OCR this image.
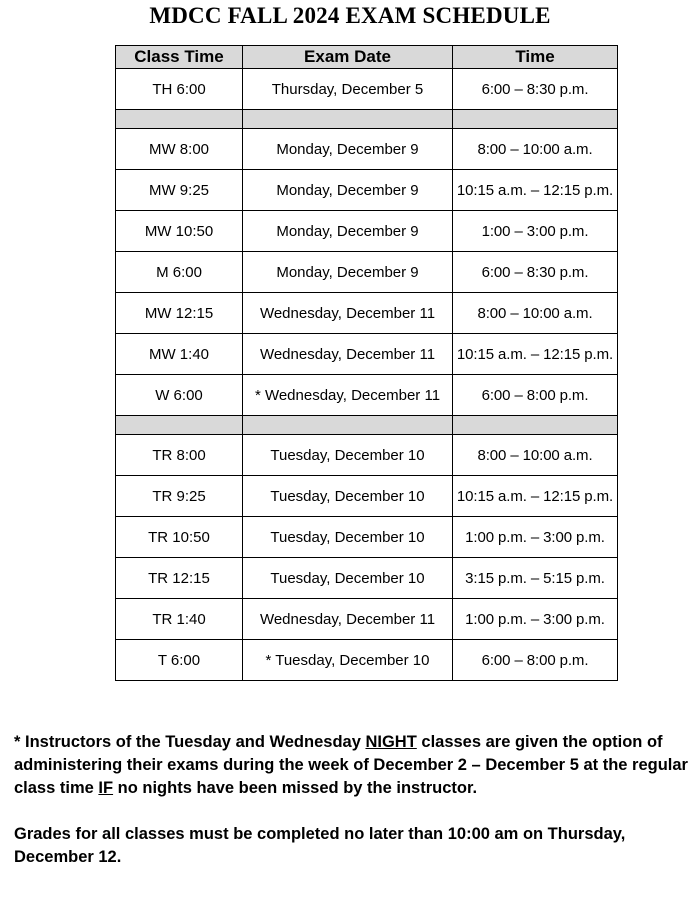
MDCC FALL 2024 EXAM SCHEDULE
Class Time	Exam Date	Time
TH 6:00	Thursday, December 5	6:00 – 8:30 p.m.

MW 8:00	Monday, December 9	8:00 – 10:00 a.m.
MW 9:25	Monday, December 9	10:15 a.m. – 12:15 p.m.
MW 10:50	Monday, December 9	1:00 – 3:00 p.m.
M 6:00	Monday, December 9	6:00 – 8:30 p.m.
MW 12:15	Wednesday, December 11	8:00 – 10:00 a.m.
MW 1:40	Wednesday, December 11	10:15 a.m. – 12:15 p.m.
W 6:00	* Wednesday, December 11	6:00 – 8:00 p.m.

TR 8:00	Tuesday, December 10	8:00 – 10:00 a.m.
TR 9:25	Tuesday, December 10	10:15 a.m. – 12:15 p.m.
TR 10:50	Tuesday, December 10	1:00 p.m. – 3:00 p.m.
TR 12:15	Tuesday, December 10	3:15 p.m. – 5:15 p.m.
TR 1:40	Wednesday, December 11	1:00 p.m. – 3:00 p.m.
T 6:00	* Tuesday, December 10	6:00 – 8:00 p.m.

* Instructors of the Tuesday and Wednesday NIGHT classes are given the option of administering their exams during the week of December 2 – December 5 at the regular class time IF no nights have been missed by the instructor.

Grades for all classes must be completed no later than 10:00 am on Thursday, December 12.
